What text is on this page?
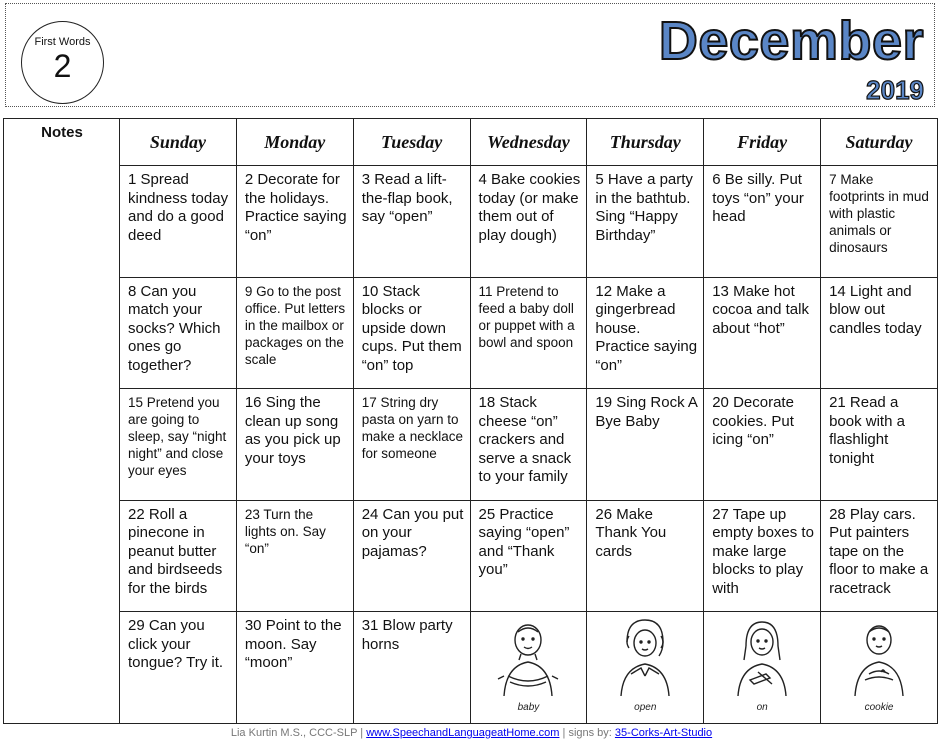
First Words
2	December
2019
Notes	Sunday	Monday	Tuesday	Wednesday	Thursday	Friday	Saturday

1 Spread kindness today and do a good deed	2 Decorate for the holidays. Practice saying “on”	3 Read a lift-the-flap book, say “open”	4 Bake cookies today (or make them out of play dough)	5 Have a party in the bathtub. Sing “Happy Birthday”	6 Be silly. Put toys “on” your head	7 Make footprints in mud with plastic animals or dinosaurs

8 Can you match your socks? Which ones go together?	9 Go to the post office. Put letters in the mailbox or packages on the scale	10 Stack blocks or upside down cups. Put them “on” top	11 Pretend to feed a baby doll or puppet with a bowl and spoon	12 Make a gingerbread house. Practice saying “on”	13 Make hot cocoa and talk about “hot”	14 Light and blow out candles today

15 Pretend you are going to sleep, say “night night” and close your eyes	16 Sing the clean up song as you pick up your toys	17 String dry pasta on yarn to make a necklace for someone	18 Stack cheese “on” crackers and serve a snack to your family	19 Sing Rock A Bye Baby	20 Decorate cookies. Put icing “on”	21 Read a book with a flashlight tonight

22 Roll a pinecone in peanut butter and birdseeds for the birds	23 Turn the lights on. Say “on”	24 Can you put on your pajamas?	25 Practice saying “open” and “Thank you”	26 Make Thank You cards	27 Tape up empty boxes to make large blocks to play with	28 Play cars. Put painters tape on the floor to make a racetrack

29 Can you click your tongue? Try it.	30 Point to the moon. Say “moon”	31 Blow party horns	baby	open	on	cookie
Lia Kurtin M.S., CCC-SLP | www.SpeechandLanguageatHome.com | signs by: 35-Corks-Art-Studio
